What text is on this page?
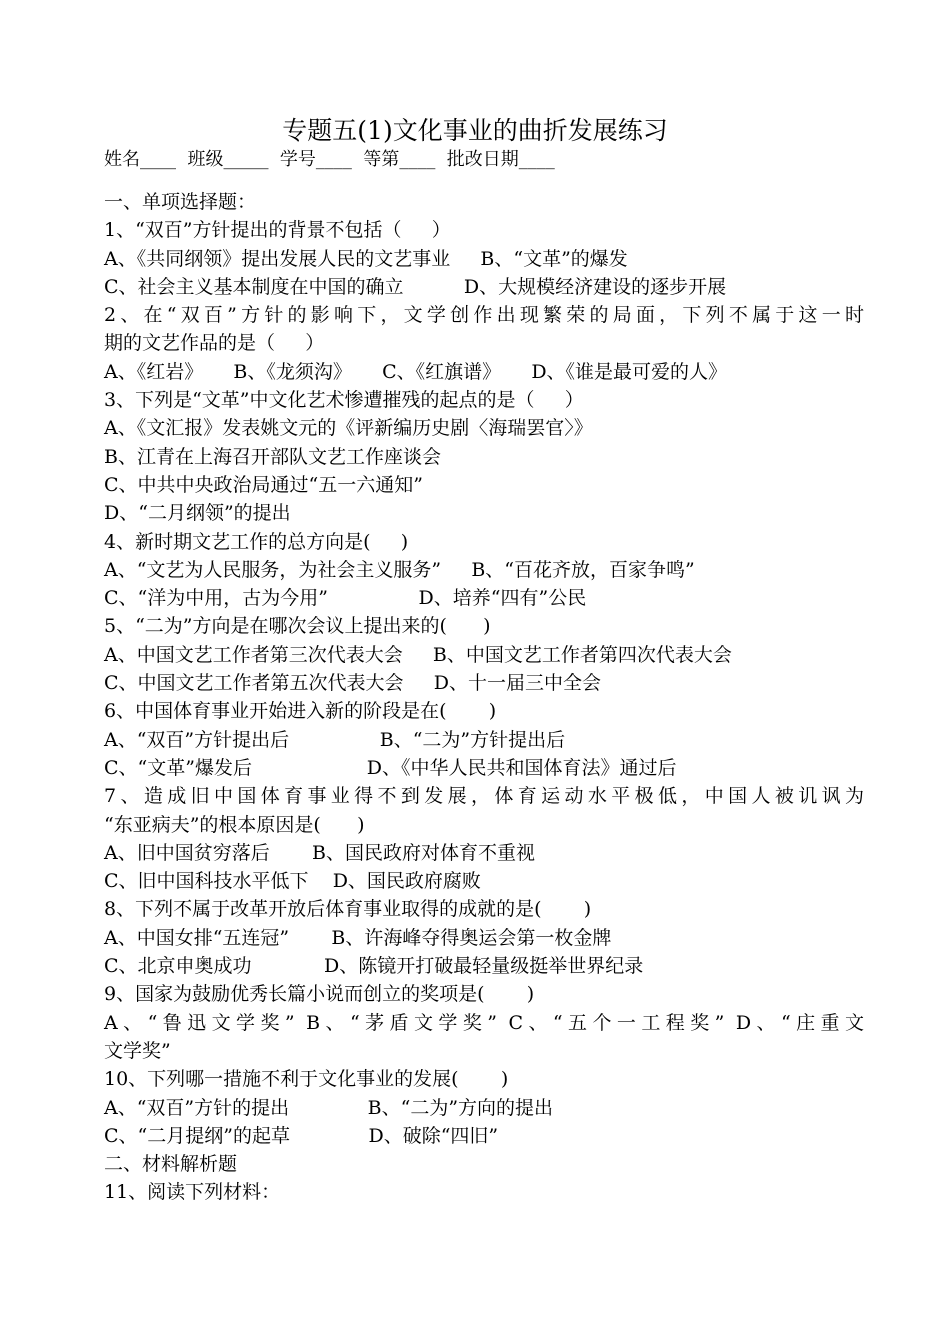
专题五(1)文化事业的曲折发展练习
姓名____  班级_____  学号____  等第____  批改日期____
一、单项选择题：
1、“双百”方针提出的背景不包括（     ）
A、《共同纲领》提出发展人民的文艺事业     B、“文革”的爆发
C、社会主义基本制度在中国的确立          D、大规模经济建设的逐步开展
2、在“双百”方针的影响下，文学创作出现繁荣的局面，下列不属于这一时
期的文艺作品的是（     ）
A、《红岩》     B、《龙须沟》     C、《红旗谱》     D、《谁是最可爱的人》
3、下列是“文革”中文化艺术惨遭摧残的起点的是（     ）
A、《文汇报》发表姚文元的《评新编历史剧〈海瑞罢官〉》
B、江青在上海召开部队文艺工作座谈会
C、中共中央政治局通过“五一六通知”
D、“二月纲领”的提出
4、新时期文艺工作的总方向是(     )
A、“文艺为人民服务，为社会主义服务”     B、“百花齐放，百家争鸣”
C、“洋为中用，古为今用”               D、培养“四有”公民
5、“二为”方向是在哪次会议上提出来的(      )
A、中国文艺工作者第三次代表大会     B、中国文艺工作者第四次代表大会
C、中国文艺工作者第五次代表大会     D、十一届三中全会
6、中国体育事业开始进入新的阶段是在(       )
A、“双百”方针提出后               B、“二为”方针提出后
C、“文革”爆发后                   D、《中华人民共和国体育法》通过后
7、造成旧中国体育事业得不到发展，体育运动水平极低，中国人被讥讽为
“东亚病夫”的根本原因是(      )
A、旧中国贫穷落后       B、国民政府对体育不重视
C、旧中国科技水平低下    D、国民政府腐败
8、下列不属于改革开放后体育事业取得的成就的是(       )
A、中国女排“五连冠”       B、许海峰夺得奥运会第一枚金牌
C、北京申奥成功            D、陈镜开打破最轻量级挺举世界纪录
9、国家为鼓励优秀长篇小说而创立的奖项是(       )
A、“鲁迅文学奖” B、“茅盾文学奖” C、“五个一工程奖” D、“庄重文
文学奖”
10、下列哪一措施不利于文化事业的发展(       )
A、“双百”方针的提出             B、“二为”方向的提出
C、“二月提纲”的起草             D、破除“四旧”
二、材料解析题
11、阅读下列材料：
